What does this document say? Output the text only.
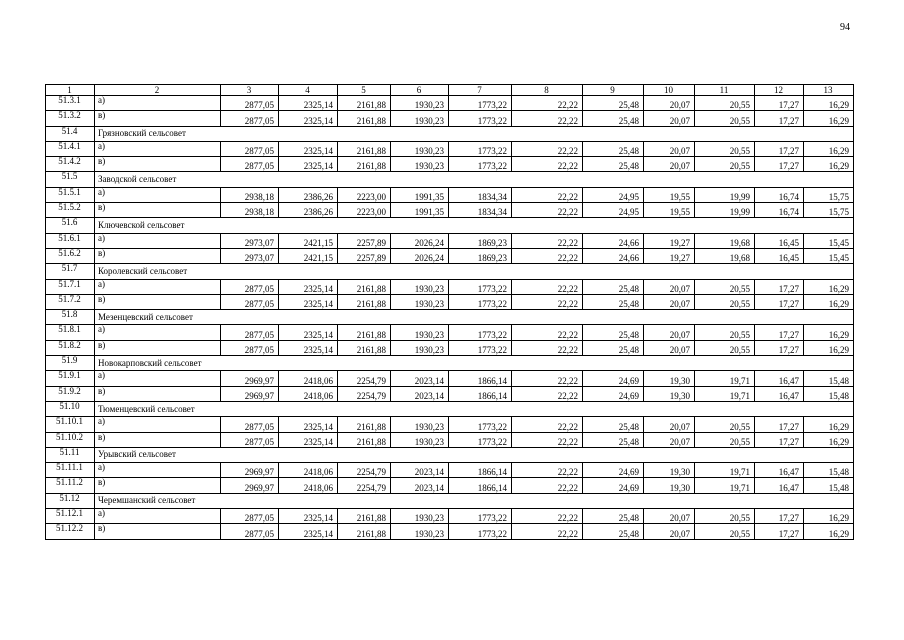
94
1	2	3	4	5	6	7	8	9	10	11	12	13
51.3.1	а)	2877,05	2325,14	2161,88	1930,23	1773,22	22,22	25,48	20,07	20,55	17,27	16,29
51.3.2	в)	2877,05	2325,14	2161,88	1930,23	1773,22	22,22	25,48	20,07	20,55	17,27	16,29
51.4	Грязновский сельсовет											
51.4.1	а)	2877,05	2325,14	2161,88	1930,23	1773,22	22,22	25,48	20,07	20,55	17,27	16,29
51.4.2	в)	2877,05	2325,14	2161,88	1930,23	1773,22	22,22	25,48	20,07	20,55	17,27	16,29
51.5	Заводской сельсовет											
51.5.1	а)	2938,18	2386,26	2223,00	1991,35	1834,34	22,22	24,95	19,55	19,99	16,74	15,75
51.5.2	в)	2938,18	2386,26	2223,00	1991,35	1834,34	22,22	24,95	19,55	19,99	16,74	15,75
51.6	Ключевской сельсовет											
51.6.1	а)	2973,07	2421,15	2257,89	2026,24	1869,23	22,22	24,66	19,27	19,68	16,45	15,45
51.6.2	в)	2973,07	2421,15	2257,89	2026,24	1869,23	22,22	24,66	19,27	19,68	16,45	15,45
51.7	Королевский сельсовет											
51.7.1	а)	2877,05	2325,14	2161,88	1930,23	1773,22	22,22	25,48	20,07	20,55	17,27	16,29
51.7.2	в)	2877,05	2325,14	2161,88	1930,23	1773,22	22,22	25,48	20,07	20,55	17,27	16,29
51.8	Мезенцевский сельсовет											
51.8.1	а)	2877,05	2325,14	2161,88	1930,23	1773,22	22,22	25,48	20,07	20,55	17,27	16,29
51.8.2	в)	2877,05	2325,14	2161,88	1930,23	1773,22	22,22	25,48	20,07	20,55	17,27	16,29
51.9	Новокарповский сельсовет											
51.9.1	а)	2969,97	2418,06	2254,79	2023,14	1866,14	22,22	24,69	19,30	19,71	16,47	15,48
51.9.2	в)	2969,97	2418,06	2254,79	2023,14	1866,14	22,22	24,69	19,30	19,71	16,47	15,48
51.10	Тюменцевский сельсовет											
51.10.1	а)	2877,05	2325,14	2161,88	1930,23	1773,22	22,22	25,48	20,07	20,55	17,27	16,29
51.10.2	в)	2877,05	2325,14	2161,88	1930,23	1773,22	22,22	25,48	20,07	20,55	17,27	16,29
51.11	Урывский сельсовет											
51.11.1	а)	2969,97	2418,06	2254,79	2023,14	1866,14	22,22	24,69	19,30	19,71	16,47	15,48
51.11.2	в)	2969,97	2418,06	2254,79	2023,14	1866,14	22,22	24,69	19,30	19,71	16,47	15,48
51.12	Черемшанский сельсовет											
51.12.1	а)	2877,05	2325,14	2161,88	1930,23	1773,22	22,22	25,48	20,07	20,55	17,27	16,29
51.12.2	в)	2877,05	2325,14	2161,88	1930,23	1773,22	22,22	25,48	20,07	20,55	17,27	16,29
